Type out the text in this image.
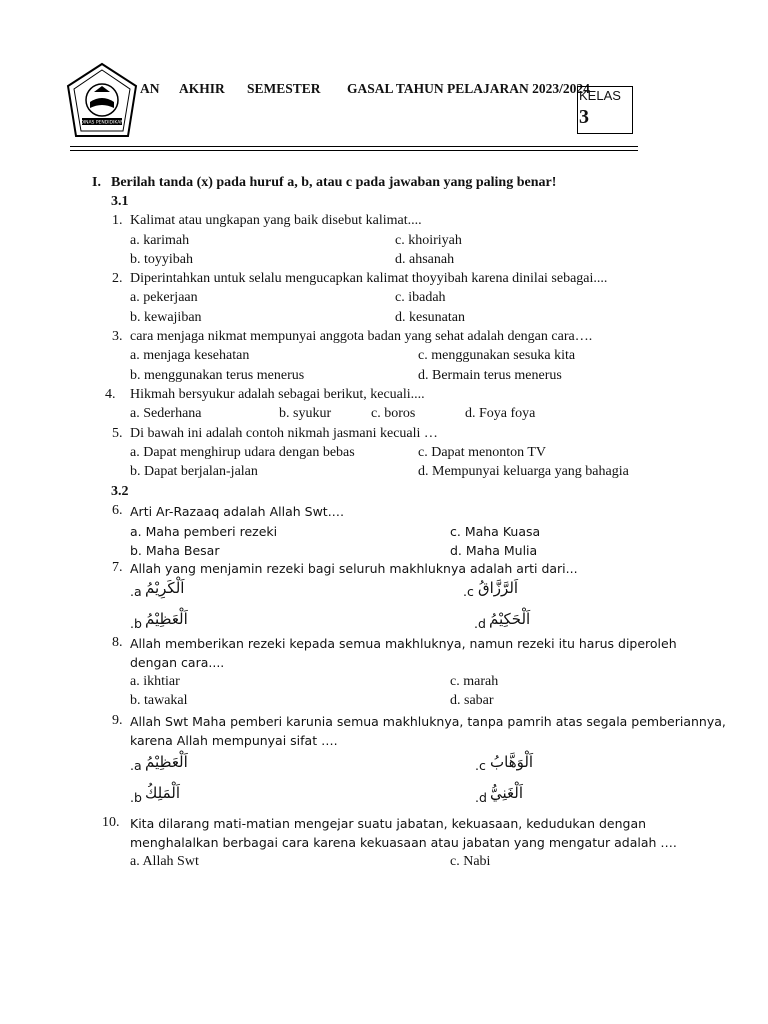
DINAS PENDIDIKAN
AN AKHIR SEMESTER GASAL TAHUN PELAJARAN 2023/2024
KELAS
3
I. Berilah tanda (x) pada huruf a, b, atau c pada jawaban yang paling benar!
3.1
1. Kalimat atau ungkapan yang baik disebut kalimat....
a. karimah	c. khoiriyah
b. toyyibah	d. ahsanah
2. Diperintahkan untuk selalu mengucapkan kalimat thoyyibah karena dinilai sebagai....
a. pekerjaan	c. ibadah
b. kewajiban	d. kesunatan
3. cara menjaga nikmat mempunyai anggota badan yang sehat adalah dengan cara….
a. menjaga kesehatan	c. menggunakan sesuka kita
b. menggunakan terus menerus	d. Bermain terus menerus
4. Hikmah bersyukur adalah sebagai berikut, kecuali....
a. Sederhana	b. syukur	c. boros	d. Foya foya
5. Di bawah ini adalah contoh nikmah jasmani kecuali …
a. Dapat menghirup udara dengan bebas	c. Dapat menonton TV
b. Dapat berjalan-jalan	d. Mempunyai keluarga yang bahagia
3.2
6. Arti Ar-Razaaq adalah Allah Swt.…
a. Maha pemberi rezeki	c. Maha Kuasa
b. Maha Besar	d. Maha Mulia
7. Allah yang menjamin rezeki bagi seluruh makhluknya adalah arti dari...
.a اَلْكَرِيْمُ	.c اَلرَّزَّاقُ
.b اَلْعَظِيْمُ	.d اَلْحَكِيْمُ
8. Allah memberikan rezeki kepada semua makhluknya, namun rezeki itu harus diperoleh
dengan cara....
a. ikhtiar	c. marah
b. tawakal	d. sabar
9. Allah Swt Maha pemberi karunia semua makhluknya, tanpa pamrih atas segala pemberiannya,
karena Allah mempunyai sifat ….
.a اَلْعَظِيْمُ	.c اَلْوَهَّابُ
.b اَلْمَلِكُ	.d اَلْغَنِيُّ
10. Kita dilarang mati-matian mengejar suatu jabatan, kekuasaan, kedudukan dengan
menghalalkan berbagai cara karena kekuasaan atau jabatan yang mengatur adalah ….
a. Allah Swt	c. Nabi
